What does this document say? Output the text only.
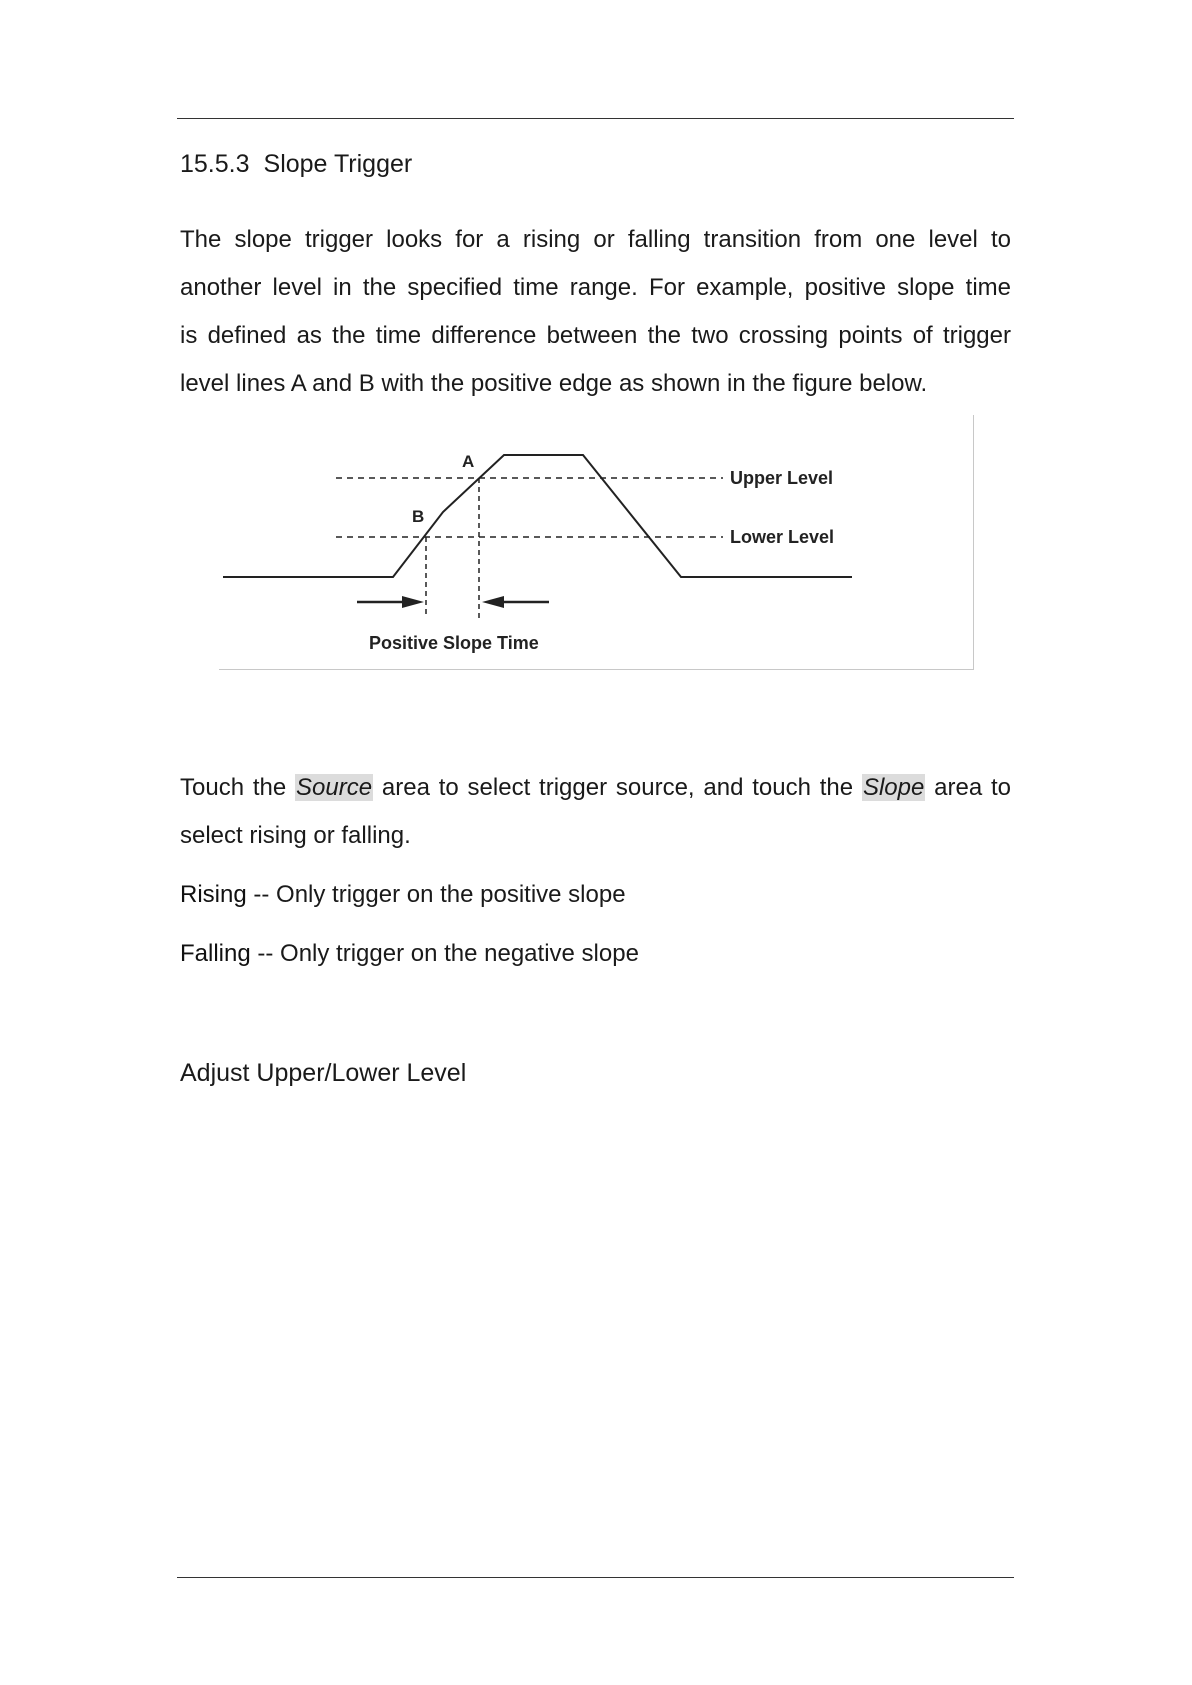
15.5.3 Slope Trigger
The slope trigger looks for a rising or falling transition from one level to
another level in the specified time range. For example, positive slope time
is defined as the time difference between the two crossing points of trigger
level lines A and B with the positive edge as shown in the figure below.
A
B
Upper Level
Lower Level
Positive Slope Time
Touch the Source area to select trigger source, and touch the Slope area to
select rising or falling.
Rising -- Only trigger on the positive slope
Falling -- Only trigger on the negative slope
Adjust Upper/Lower Level
